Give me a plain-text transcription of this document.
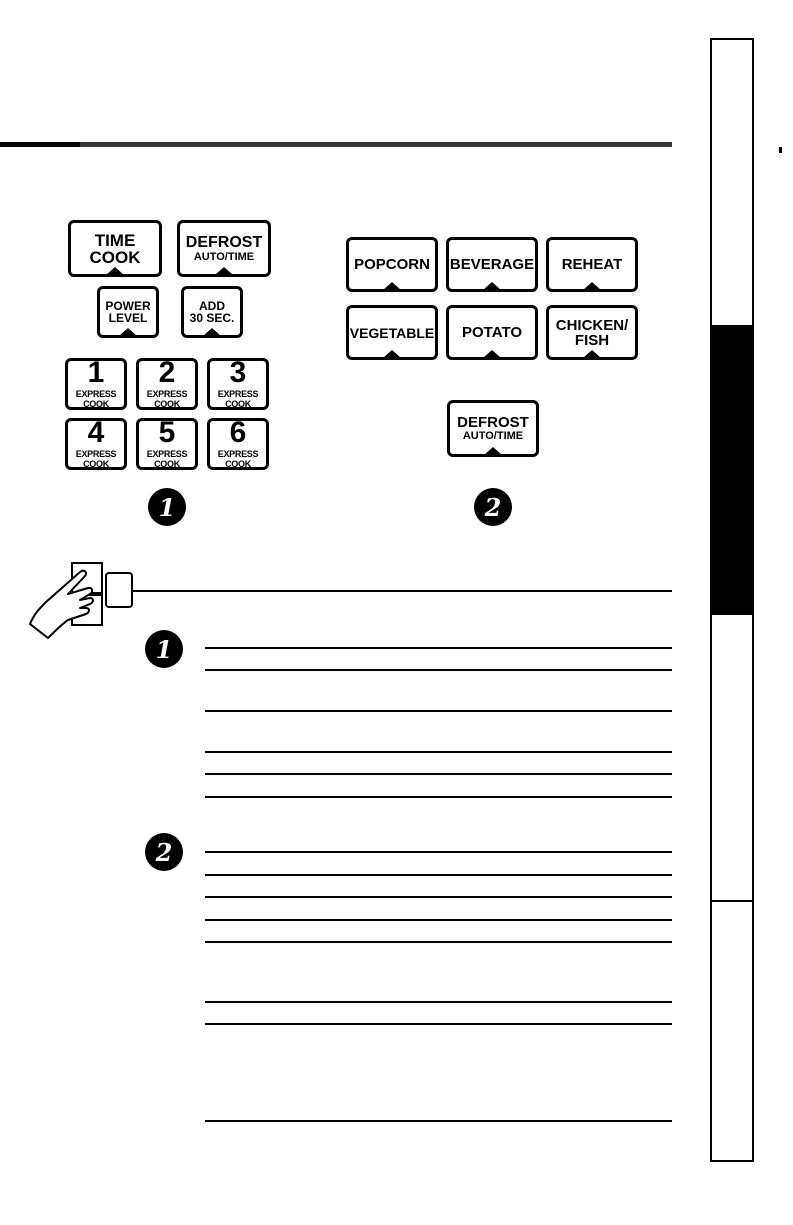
TIME
COOK
DEFROST
AUTO/TIME
POWER
LEVEL
ADD
30 SEC.
1
EXPRESS COOK
2
EXPRESS COOK
3
EXPRESS COOK
4
EXPRESS COOK
5
EXPRESS COOK
6
EXPRESS COOK
1
POPCORN BEVERAGE REHEAT
VEGETABLE POTATO CHICKEN/
FISH
DEFROST
AUTO/TIME
2
1
2
